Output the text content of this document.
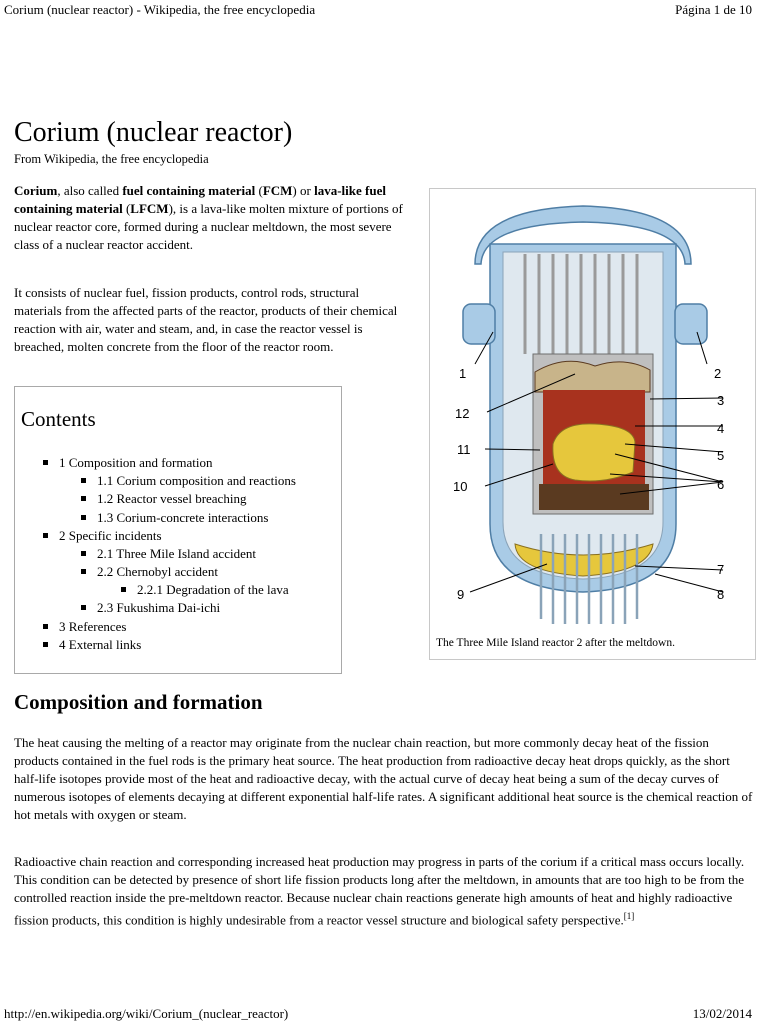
Corium (nuclear reactor) - Wikipedia, the free encyclopedia	Página 1 de 10
Corium (nuclear reactor)
From Wikipedia, the free encyclopedia

Corium, also called fuel containing material (FCM) or lava-like fuel containing material (LFCM), is a lava-like molten mixture of portions of nuclear reactor core, formed during a nuclear meltdown, the most severe class of a nuclear reactor accident.

It consists of nuclear fuel, fission products, control rods, structural materials from the affected parts of the reactor, products of their chemical reaction with air, water and steam, and, in case the reactor vessel is breached, molten concrete from the floor of the reactor room.

1	2
3
4
5
6
7
8
9
10
11
12
The Three Mile Island reactor 2 after the meltdown.
Contents
1 Composition and formation
1.1 Corium composition and reactions
1.2 Reactor vessel breaching
1.3 Corium-concrete interactions
2 Specific incidents
2.1 Three Mile Island accident
2.2 Chernobyl accident
2.2.1 Degradation of the lava
2.3 Fukushima Dai-ichi
3 References
4 External links
Composition and formation

The heat causing the melting of a reactor may originate from the nuclear chain reaction, but more commonly decay heat of the fission products contained in the fuel rods is the primary heat source. The heat production from radioactive decay heat drops quickly, as the short half-life isotopes provide most of the heat and radioactive decay, with the actual curve of decay heat being a sum of the decay curves of numerous isotopes of elements decaying at different exponential half-life rates. A significant additional heat source is the chemical reaction of hot metals with oxygen or steam.

Radioactive chain reaction and corresponding increased heat production may progress in parts of the corium if a critical mass occurs locally. This condition can be detected by presence of short life fission products long after the meltdown, in amounts that are too high to be from the controlled reaction inside the pre-meltdown reactor. Because nuclear chain reactions generate high amounts of heat and highly radioactive fission products, this condition is highly undesirable from a reactor vessel structure and biological safety perspective.[1]

http://en.wikipedia.org/wiki/Corium_(nuclear_reactor)	13/02/2014
